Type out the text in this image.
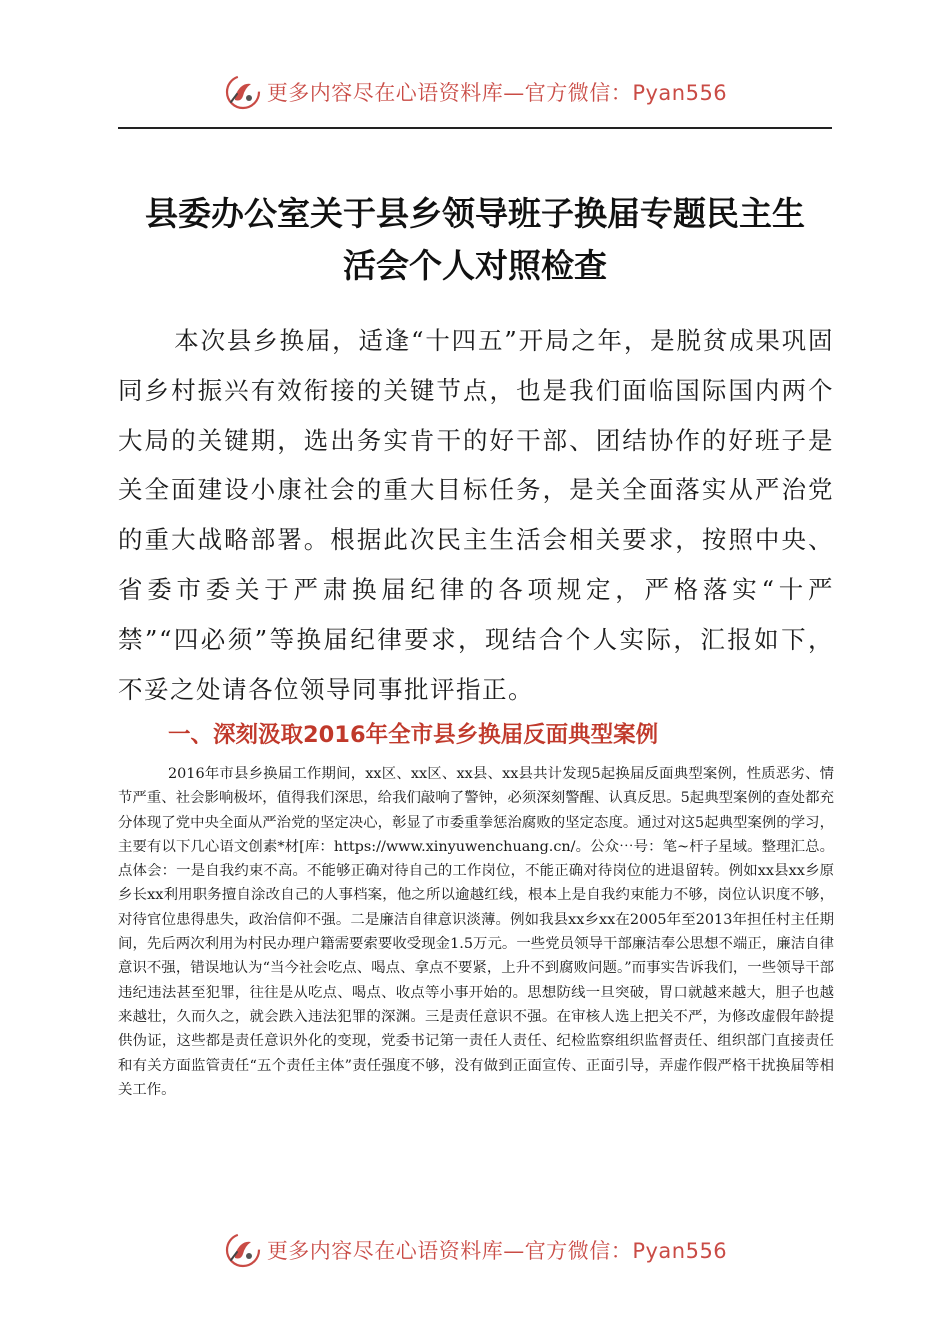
更多内容尽在心语资料库—官方微信：Pyan556
县委办公室关于县乡领导班子换届专题民主生
活会个人对照检查

本次县乡换届，适逢“十四五”开局之年，是脱贫成果巩固同乡村振兴有效衔接的关键节点，也是我们面临国际国内两个大局的关键期，选出务实肯干的好干部、团结协作的好班子是关全面建设小康社会的重大目标任务，是关全面落实从严治党的重大战略部署。根据此次民主生活会相关要求，按照中央、省委市委关于严肃换届纪律的各项规定，严格落实“十严禁”“四必须”等换届纪律要求，现结合个人实际，汇报如下，不妥之处请各位领导同事批评指正。

一、深刻汲取2016年全市县乡换届反面典型案例

2016年市县乡换届工作期间，xx区、xx区、xx县、xx县共计发现5起换届反面典型案例，性质恶劣、情节严重、社会影响极坏，值得我们深思，给我们敲响了警钟，必须深刻警醒、认真反思。5起典型案例的查处都充分体现了党中央全面从严治党的坚定决心，彰显了市委重拳惩治腐败的坚定态度。通过对这5起典型案例的学习，主要有以下几心语文创素*材[库：https://www.xinyuwenchuang.cn/。公众⋯号：笔~杆子星域。整理汇总。点体会：一是自我约束不高。不能够正确对待自己的工作岗位，不能正确对待岗位的进退留转。例如xx县xx乡原乡长xx利用职务擅自涂改自己的人事档案，他之所以逾越红线，根本上是自我约束能力不够，岗位认识度不够，对待官位患得患失，政治信仰不强。二是廉洁自律意识淡薄。例如我县xx乡xx在2005年至2013年担任村主任期间，先后两次利用为村民办理户籍需要索要收受现金1.5万元。一些党员领导干部廉洁奉公思想不端正，廉洁自律意识不强，错误地认为“当今社会吃点、喝点、拿点不要紧，上升不到腐败问题。”而事实告诉我们，一些领导干部违纪违法甚至犯罪，往往是从吃点、喝点、收点等小事开始的。思想防线一旦突破，胃口就越来越大，胆子也越来越壮，久而久之，就会跌入违法犯罪的深渊。三是责任意识不强。在审核人选上把关不严，为修改虚假年龄提供伪证，这些都是责任意识外化的变现，党委书记第一责任人责任、纪检监察组织监督责任、组织部门直接责任和有关方面监管责任“五个责任主体”责任强度不够，没有做到正面宣传、正面引导，弄虚作假严格干扰换届等相关工作。

更多内容尽在心语资料库—官方微信：Pyan556
